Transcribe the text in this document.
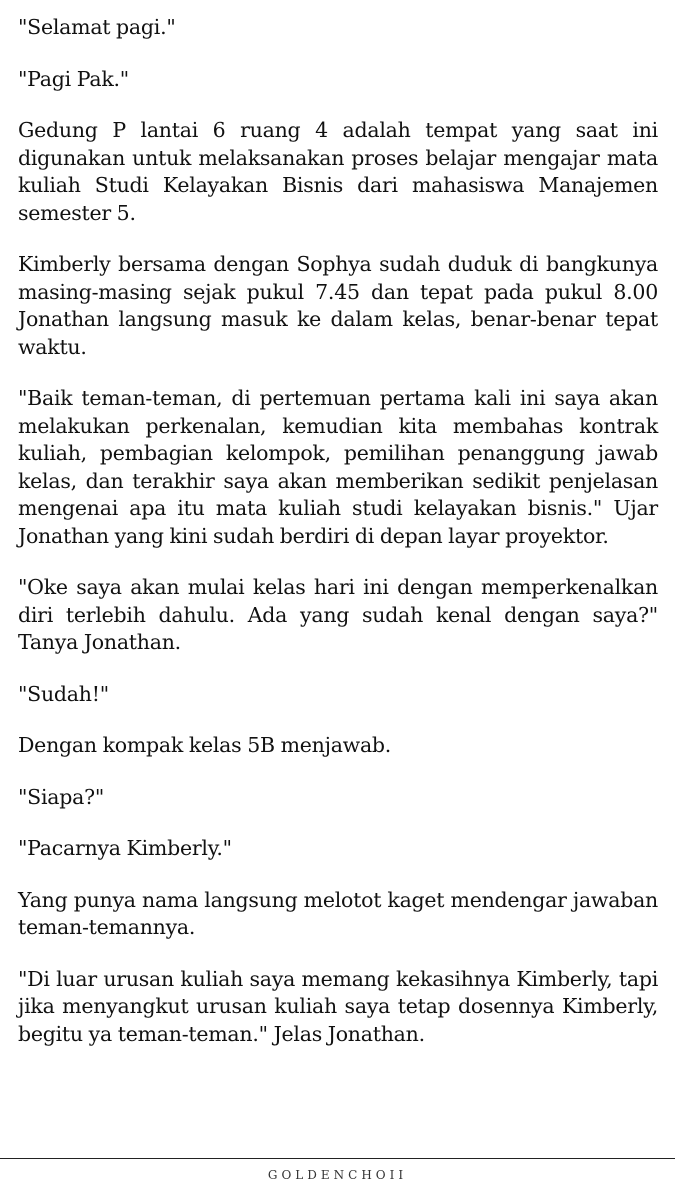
"Selamat pagi."

"Pagi Pak."

Gedung P lantai 6 ruang 4 adalah tempat yang saat ini digunakan untuk melaksanakan proses belajar mengajar mata kuliah Studi Kelayakan Bisnis dari mahasiswa Manajemen semester 5.

Kimberly bersama dengan Sophya sudah duduk di bangkunya masing-masing sejak pukul 7.45 dan tepat pada pukul 8.00 Jonathan langsung masuk ke dalam kelas, benar-benar tepat waktu.

"Baik teman-teman, di pertemuan pertama kali ini saya akan melakukan perkenalan, kemudian kita membahas kontrak kuliah, pembagian kelompok, pemilihan penanggung jawab kelas, dan terakhir saya akan memberikan sedikit penjelasan mengenai apa itu mata kuliah studi kelayakan bisnis." Ujar Jonathan yang kini sudah berdiri di depan layar proyektor.

"Oke saya akan mulai kelas hari ini dengan memperkenalkan diri terlebih dahulu. Ada yang sudah kenal dengan saya?" Tanya Jonathan.

"Sudah!"

Dengan kompak kelas 5B menjawab.

"Siapa?"

"Pacarnya Kimberly."

Yang punya nama langsung melotot kaget mendengar jawaban teman-temannya.

"Di luar urusan kuliah saya memang kekasihnya Kimberly, tapi jika menyangkut urusan kuliah saya tetap dosennya Kimberly, begitu ya teman-teman." Jelas Jonathan.

GOLDENCHOII
